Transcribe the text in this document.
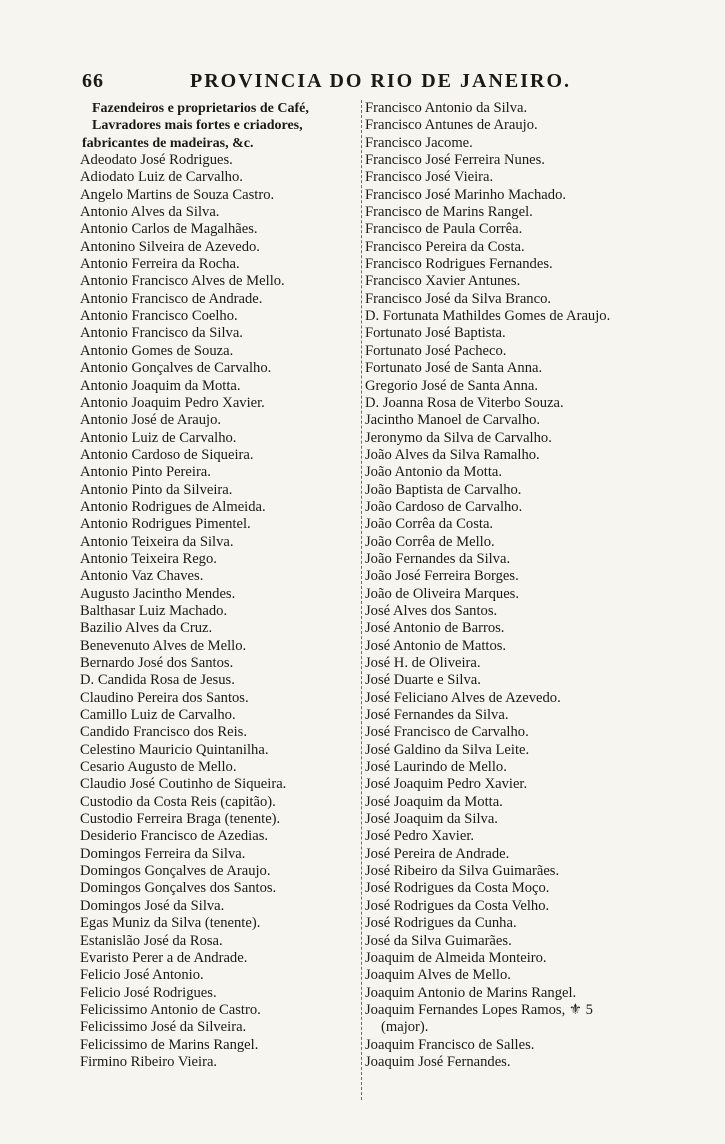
66	PROVINCIA DO RIO DE JANEIRO.
Fazendeiros e proprietarios de Café,
Lavradores mais fortes e criadores,
fabricantes de madeiras, &c.
Adeodato José Rodrigues.
Adiodato Luiz de Carvalho.
Angelo Martins de Souza Castro.
Antonio Alves da Silva.
Antonio Carlos de Magalhães.
Antonino Silveira de Azevedo.
Antonio Ferreira da Rocha.
Antonio Francisco Alves de Mello.
Antonio Francisco de Andrade.
Antonio Francisco Coelho.
Antonio Francisco da Silva.
Antonio Gomes de Souza.
Antonio Gonçalves de Carvalho.
Antonio Joaquim da Motta.
Antonio Joaquim Pedro Xavier.
Antonio José de Araujo.
Antonio Luiz de Carvalho.
Antonio Cardoso de Siqueira.
Antonio Pinto Pereira.
Antonio Pinto da Silveira.
Antonio Rodrigues de Almeida.
Antonio Rodrigues Pimentel.
Antonio Teixeira da Silva.
Antonio Teixeira Rego.
Antonio Vaz Chaves.
Augusto Jacintho Mendes.
Balthasar Luiz Machado.
Bazilio Alves da Cruz.
Benevenuto Alves de Mello.
Bernardo José dos Santos.
D. Candida Rosa de Jesus.
Claudino Pereira dos Santos.
Camillo Luiz de Carvalho.
Candido Francisco dos Reis.
Celestino Mauricio Quintanilha.
Cesario Augusto de Mello.
Claudio José Coutinho de Siqueira.
Custodio da Costa Reis (capitão).
Custodio Ferreira Braga (tenente).
Desiderio Francisco de Azedias.
Domingos Ferreira da Silva.
Domingos Gonçalves de Araujo.
Domingos Gonçalves dos Santos.
Domingos José da Silva.
Egas Muniz da Silva (tenente).
Estanislão José da Rosa.
Evaristo Perer a de Andrade.
Felicio José Antonio.
Felicio José Rodrigues.
Felicissimo Antonio de Castro.
Felicissimo José da Silveira.
Felicissimo de Marins Rangel.
Firmino Ribeiro Vieira.
Francisco Antonio da Silva.
Francisco Antunes de Araujo.
Francisco Jacome.
Francisco José Ferreira Nunes.
Francisco José Vieira.
Francisco José Marinho Machado.
Francisco de Marins Rangel.
Francisco de Paula Corrêa.
Francisco Pereira da Costa.
Francisco Rodrigues Fernandes.
Francisco Xavier Antunes.
Francisco José da Silva Branco.
D. Fortunata Mathildes Gomes de Araujo.
Fortunato José Baptista.
Fortunato José Pacheco.
Fortunato José de Santa Anna.
Gregorio José de Santa Anna.
D. Joanna Rosa de Viterbo Souza.
Jacintho Manoel de Carvalho.
Jeronymo da Silva de Carvalho.
João Alves da Silva Ramalho.
João Antonio da Motta.
João Baptista de Carvalho.
João Cardoso de Carvalho.
João Corrêa da Costa.
João Corrêa de Mello.
João Fernandes da Silva.
João José Ferreira Borges.
João de Oliveira Marques.
José Alves dos Santos.
José Antonio de Barros.
José Antonio de Mattos.
José H. de Oliveira.
José Duarte e Silva.
José Feliciano Alves de Azevedo.
José Fernandes da Silva.
José Francisco de Carvalho.
José Galdino da Silva Leite.
José Laurindo de Mello.
José Joaquim Pedro Xavier.
José Joaquim da Motta.
José Joaquim da Silva.
José Pedro Xavier.
José Pereira de Andrade.
José Ribeiro da Silva Guimarães.
José Rodrigues da Costa Moço.
José Rodrigues da Costa Velho.
José Rodrigues da Cunha.
José da Silva Guimarães.
Joaquim de Almeida Monteiro.
Joaquim Alves de Mello.
Joaquim Antonio de Marins Rangel.
Joaquim Fernandes Lopes Ramos, ⚜ 5
(major).
Joaquim Francisco de Salles.
Joaquim José Fernandes.
